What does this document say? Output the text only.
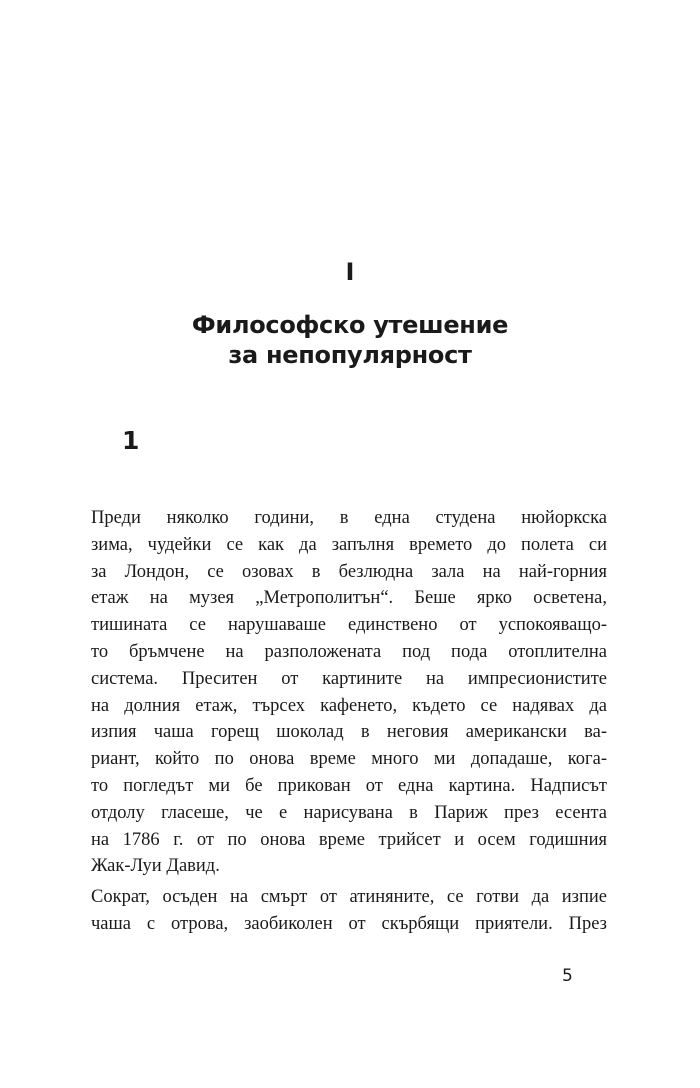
I
Философско утешение
за непопулярност
1

Преди няколко години, в една студена нюйоркска
зима, чудейки се как да запълня времето до полета си
за Лондон, се озовах в безлюдна зала на най-горния
етаж на музея „Метрополитън“. Беше ярко осветена,
тишината се нарушаваше единствено от успокояващо-
то бръмчене на разположената под пода отоплителна
система. Преситен от картините на импресионистите
на долния етаж, търсех кафенето, където се надявах да
изпия чаша горещ шоколад в неговия американски ва-
риант, който по онова време много ми допадаше, кога-
то погледът ми бе прикован от една картина. Надписът
отдолу гласеше, че е нарисувана в Париж през есента
на 1786 г. от по онова време трийсет и осем годишния
Жак-Луи Давид.

Сократ, осъден на смърт от атиняните, се готви да изпие
чаша с отрова, заобиколен от скърбящи приятели. През

5
